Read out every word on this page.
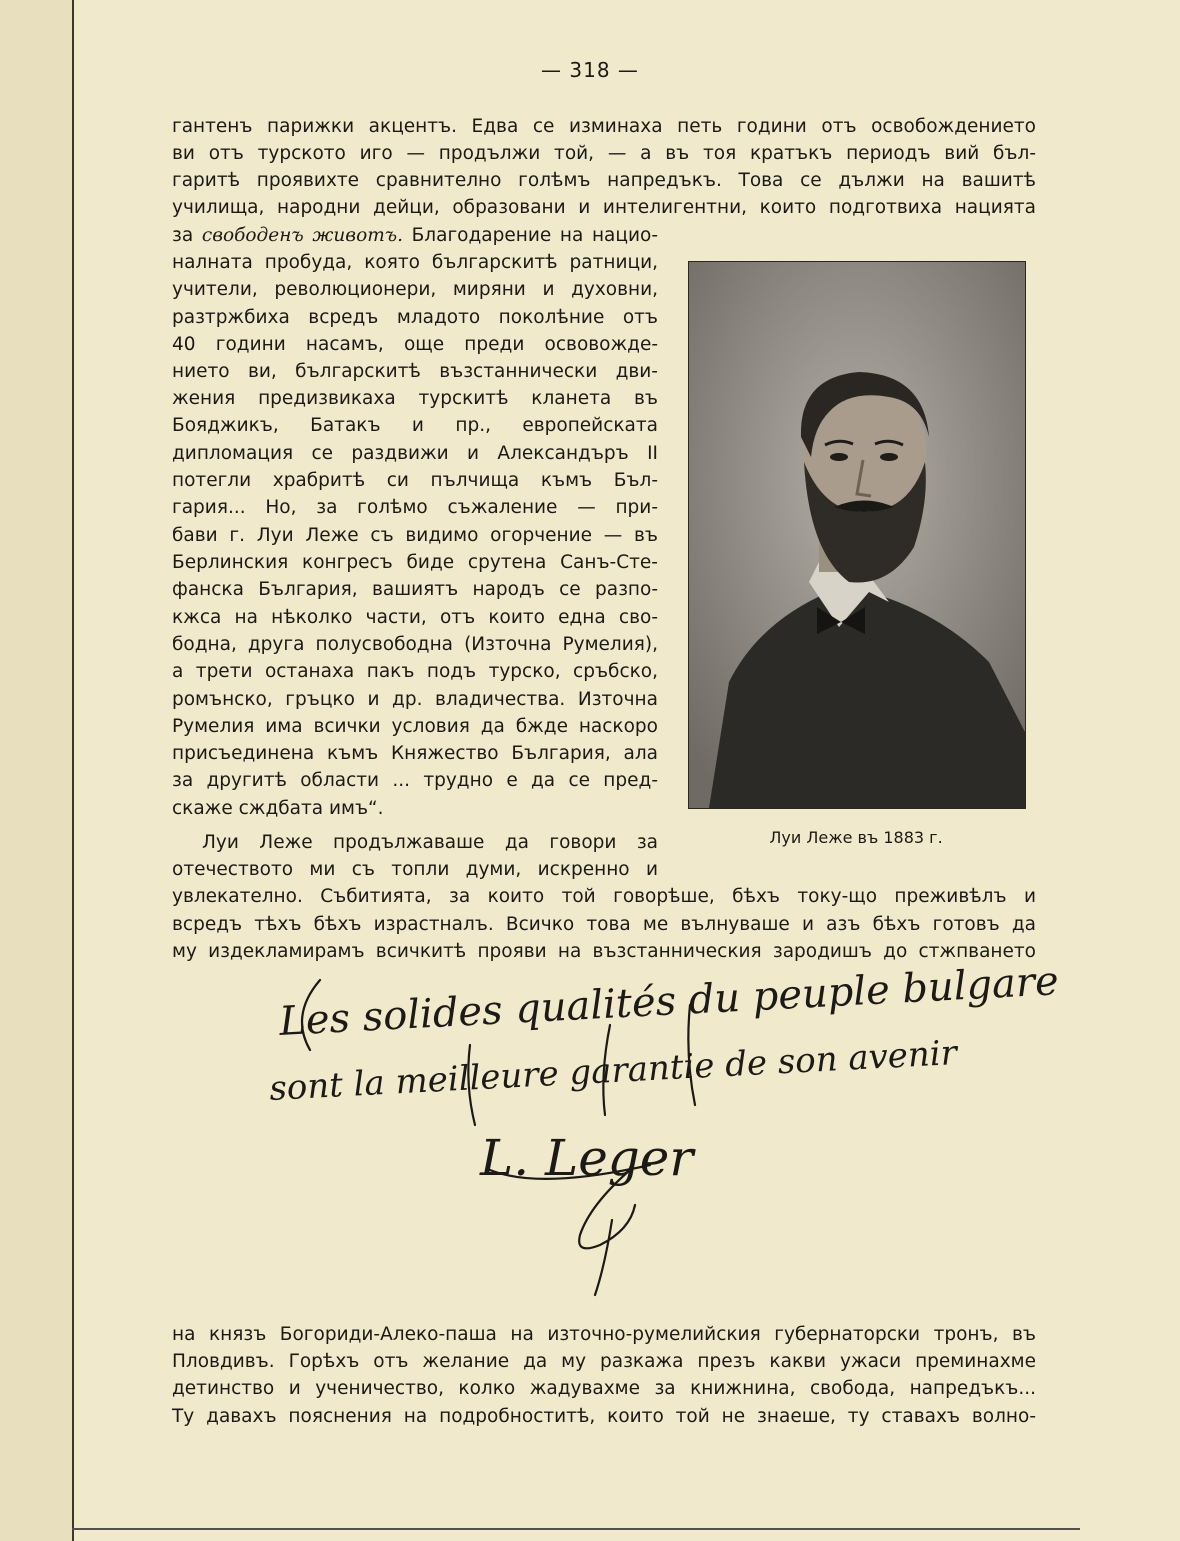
— 318 —
гантенъ парижки акцентъ. Едва се изминаха петь години отъ освобождението
ви отъ турското иго — продължи той, — а въ тоя кратъкъ периодъ вий бъл-
гаритѣ проявихте сравнително голѣмъ напредъкъ. Това се дължи на вашитѣ
училища, народни дейци, образовани и интелигентни, които подготвиха нацията
за свободенъ животъ. Благодарение на нацио-
налната пробуда, която българскитѣ ратници,
учители, революционери, миряни и духовни,
разтржбиха всредъ младото поколѣние отъ
40 години насамъ, още преди освовожде-
нието ви, българскитѣ възстаннически дви-
жения предизвикаха турскитѣ кланета въ
Бояджикъ, Батакъ и пр., европейската
дипломация се раздвижи и Александъръ II
потегли храбритѣ си пълчища къмъ Бъл-
гария... Но, за голѣмо съжаление — при-
бави г. Луи Леже съ видимо огорчение — въ
Берлинския конгресъ биде срутена Санъ-Сте-
фанска България, вашиятъ народъ се разпо-
кжса на нѣколко части, отъ които една сво-
бодна, друга полусвободна (Източна Румелия),
а трети останаха пакъ подъ турско, сръбско,
ромънско, гръцко и др. владичества. Източна
Румелия има всички условия да бжде наскоро
присъединена къмъ Княжество България, ала
за другитѣ области ... трудно е да се пред-
скаже сждбата имъ“.
Луи Леже продължаваше да говори за
отечеството ми съ топли думи, искренно и
увлекателно. Събитията, за които той говорѣше, бѣхъ току-що преживѣлъ и
всредъ тѣхъ бѣхъ израстналъ. Всичко това ме вълнуваше и азъ бѣхъ готовъ да
му издекламирамъ всичкитѣ прояви на възстанническия зародишъ до стжпването
Луи Леже въ 1883 г.
Les solides qualités du peuple bulgare
sont la meilleure garantie de son avenir
L. Leger
на князъ Богориди-Алеко-паша на източно-румелийския губернаторски тронъ, въ
Пловдивъ. Горѣхъ отъ желание да му разкажа презъ какви ужаси преминахме
детинство и ученичество, колко жадувахме за книжнина, свобода, напредъкъ...
Ту давахъ пояснения на подробноститѣ, които той не знаеше, ту ставахъ волно-
